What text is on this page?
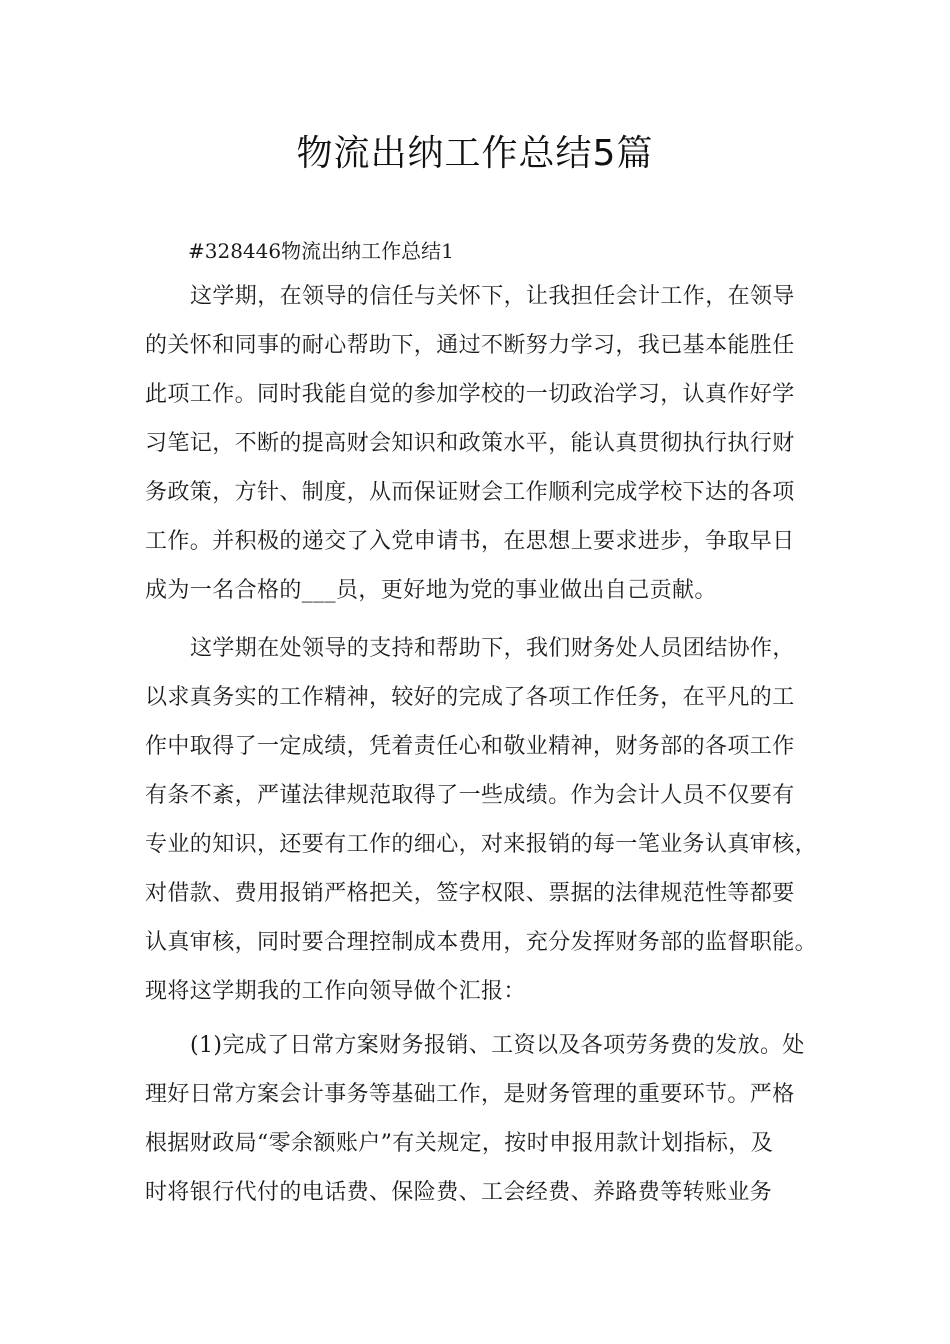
物流出纳工作总结5篇

#328446物流出纳工作总结1

这学期，在领导的信任与关怀下，让我担任会计工作，在领导
的关怀和同事的耐心帮助下，通过不断努力学习，我已基本能胜任
此项工作。同时我能自觉的参加学校的一切政治学习，认真作好学
习笔记，不断的提高财会知识和政策水平，能认真贯彻执行执行财
务政策，方针、制度，从而保证财会工作顺利完成学校下达的各项
工作。并积极的递交了入党申请书，在思想上要求进步，争取早日
成为一名合格的___员，更好地为党的事业做出自己贡献。
这学期在处领导的支持和帮助下，我们财务处人员团结协作，
以求真务实的工作精神，较好的完成了各项工作任务，在平凡的工
作中取得了一定成绩，凭着责任心和敬业精神，财务部的各项工作
有条不紊，严谨法律规范取得了一些成绩。作为会计人员不仅要有
专业的知识，还要有工作的细心，对来报销的每一笔业务认真审核，
对借款、费用报销严格把关，签字权限、票据的法律规范性等都要
认真审核，同时要合理控制成本费用，充分发挥财务部的监督职能。
现将这学期我的工作向领导做个汇报：
(1)完成了日常方案财务报销、工资以及各项劳务费的发放。处
理好日常方案会计事务等基础工作，是财务管理的重要环节。严格
根据财政局“零余额账户”有关规定，按时申报用款计划指标，及
时将银行代付的电话费、保险费、工会经费、养路费等转账业务
